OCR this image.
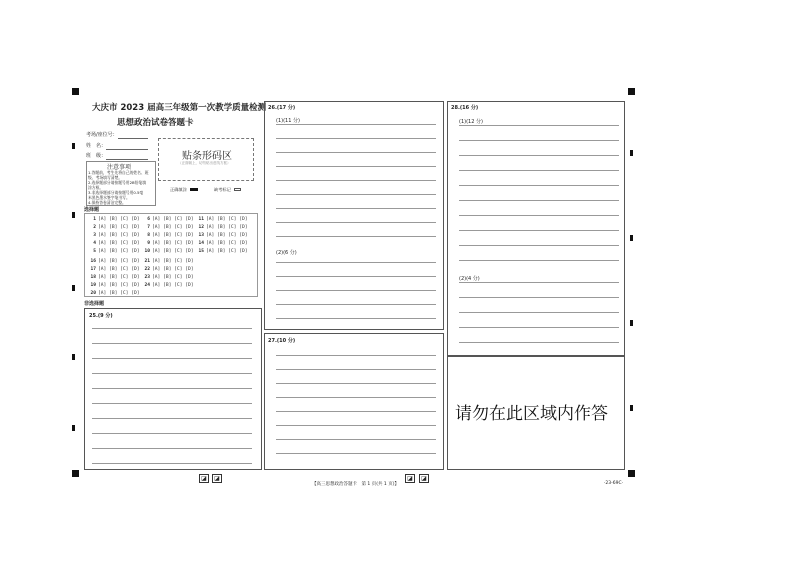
大庆市 2023 届高三年级第一次教学质量检测
思想政治试卷答题卡
考场/座位号：
姓　名：
班　级：
注意事项
1.答题前，考生先将自己的姓名、班
级、考场填写清楚。
2.选择题部分请按题号用2B铅笔填
涂方框。
3.非选择题部分请按题号用0.5毫
米黑色墨水签字笔书写。
4.保持答卷清洁完整。
贴条形码区
（正面朝上，切勿贴出虚线方框）
正确填涂	缺考标记
选择题
1 [A] [B] [C] [D]
2 [A] [B] [C] [D]
3 [A] [B] [C] [D]
4 [A] [B] [C] [D]
5 [A] [B] [C] [D]
6 [A] [B] [C] [D]
7 [A] [B] [C] [D]
8 [A] [B] [C] [D]
9 [A] [B] [C] [D]
10 [A] [B] [C] [D]
11 [A] [B] [C] [D]
12 [A] [B] [C] [D]
13 [A] [B] [C] [D]
14 [A] [B] [C] [D]
15 [A] [B] [C] [D]
16 [A] [B] [C] [D]
17 [A] [B] [C] [D]
18 [A] [B] [C] [D]
19 [A] [B] [C] [D]
20 [A] [B] [C] [D]
21 [A] [B] [C] [D]
22 [A] [B] [C] [D]
23 [A] [B] [C] [D]
24 [A] [B] [C] [D]
非选择题
25.(9 分)
26.(17 分)
(1)(11 分)
(2)(6 分)
27.(10 分)
28.(16 分)
(1)(12 分)
(2)(4 分)
请勿在此区域内作答
◪	◪	◪	◪
【高三思想政治答题卡　第 1 页(共 1 页)】	·23-69C·
